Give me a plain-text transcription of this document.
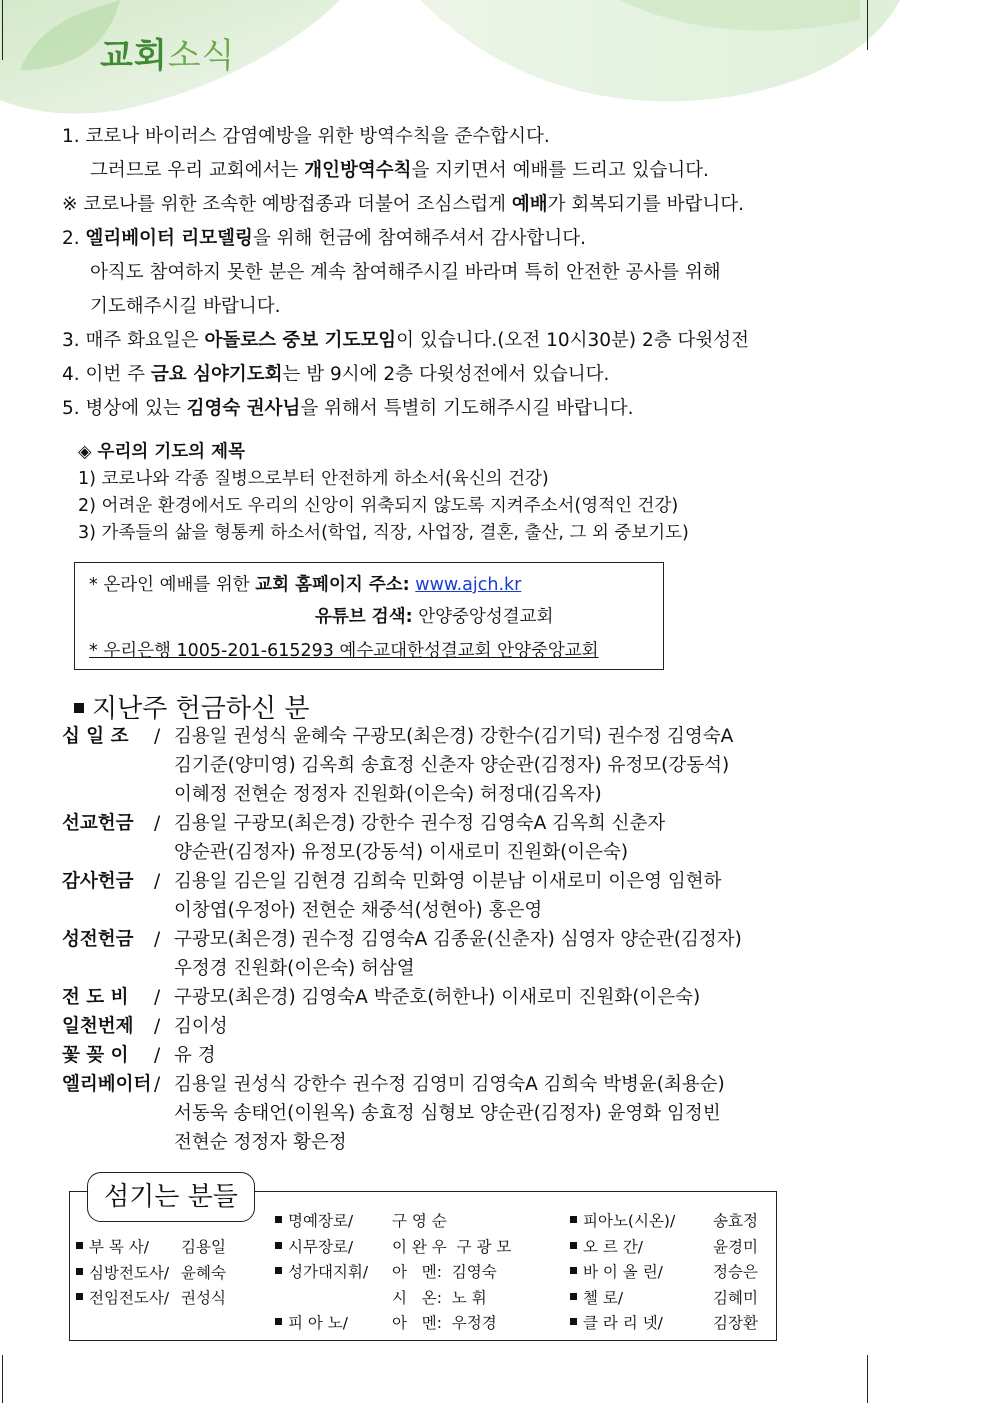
교회소식
1. 코로나 바이러스 감염예방을 위한 방역수칙을 준수합시다.
그러므로 우리 교회에서는 개인방역수칙을 지키면서 예배를 드리고 있습니다.
※ 코로나를 위한 조속한 예방접종과 더불어 조심스럽게 예배가 회복되기를 바랍니다.
2. 엘리베이터 리모델링을 위해 헌금에 참여해주셔서 감사합니다.
아직도 참여하지 못한 분은 계속 참여해주시길 바라며 특히 안전한 공사를 위해
기도해주시길 바랍니다.
3. 매주 화요일은 아돌로스 중보 기도모임이 있습니다.(오전 10시30분) 2층 다윗성전
4. 이번 주 금요 심야기도회는 밤 9시에 2층 다윗성전에서 있습니다.
5. 병상에 있는 김영숙 권사님을 위해서 특별히 기도해주시길 바랍니다.
◈ 우리의 기도의 제목
1) 코로나와 각종 질병으로부터 안전하게 하소서(육신의 건강)
2) 어려운 환경에서도 우리의 신앙이 위축되지 않도록 지켜주소서(영적인 건강)
3) 가족들의 삶을 형통케 하소서(학업, 직장, 사업장, 결혼, 출산, 그 외 중보기도)
* 온라인 예배를 위한 교회 홈페이지 주소: www.ajch.kr
유튜브 검색: 안양중앙성결교회
* 우리은행 1005-201-615293 예수교대한성결교회 안양중앙교회
지난주 헌금하신 분
십 일 조	/ 김용일 권성식 윤혜숙 구광모(최은경) 강한수(김기덕) 권수정 김영숙A
김기준(양미영) 김옥희 송효정 신춘자 양순관(김정자) 유정모(강동석)
이혜정 전현순 정정자 진원화(이은숙) 허정대(김옥자)
선교헌금	/ 김용일 구광모(최은경) 강한수 권수정 김영숙A 김옥희 신춘자
양순관(김정자) 유정모(강동석) 이새로미 진원화(이은숙)
감사헌금	/ 김용일 김은일 김현경 김희숙 민화영 이분남 이새로미 이은영 임현하
이창엽(우정아) 전현순 채중석(성현아) 홍은영
성전헌금	/ 구광모(최은경) 권수정 김영숙A 김종윤(신춘자) 심영자 양순관(김정자)
우정경 진원화(이은숙) 허삼열
전 도 비	/ 구광모(최은경) 김영숙A 박준호(허한나) 이새로미 진원화(이은숙)
일천번제	/ 김이성
꽃 꽂 이	/ 유 경
엘리베이터 / 김용일 권성식 강한수 권수정 김영미 김영숙A 김희숙 박병윤(최용순)
서동욱 송태언(이원옥) 송효정 심형보 양순관(김정자) 윤영화 임정빈
전현순 정정자 황은정
섬기는 분들
부 목 사/ 김용일
심방전도사/ 윤혜숙
전임전도사/ 권성식
명예장로/	구 영 순
시무장로/	이 완 우  구 광 모
성가대지휘/ 아   멘:  김영숙
시   온:  노 휘
피 아 노/	아   멘:  우정경
피아노(시온)/ 송효정
오 르 간/	윤경미
바 이 올 린/	정승은
첼 로/	김혜미
클 라 리 넷/	김장환
